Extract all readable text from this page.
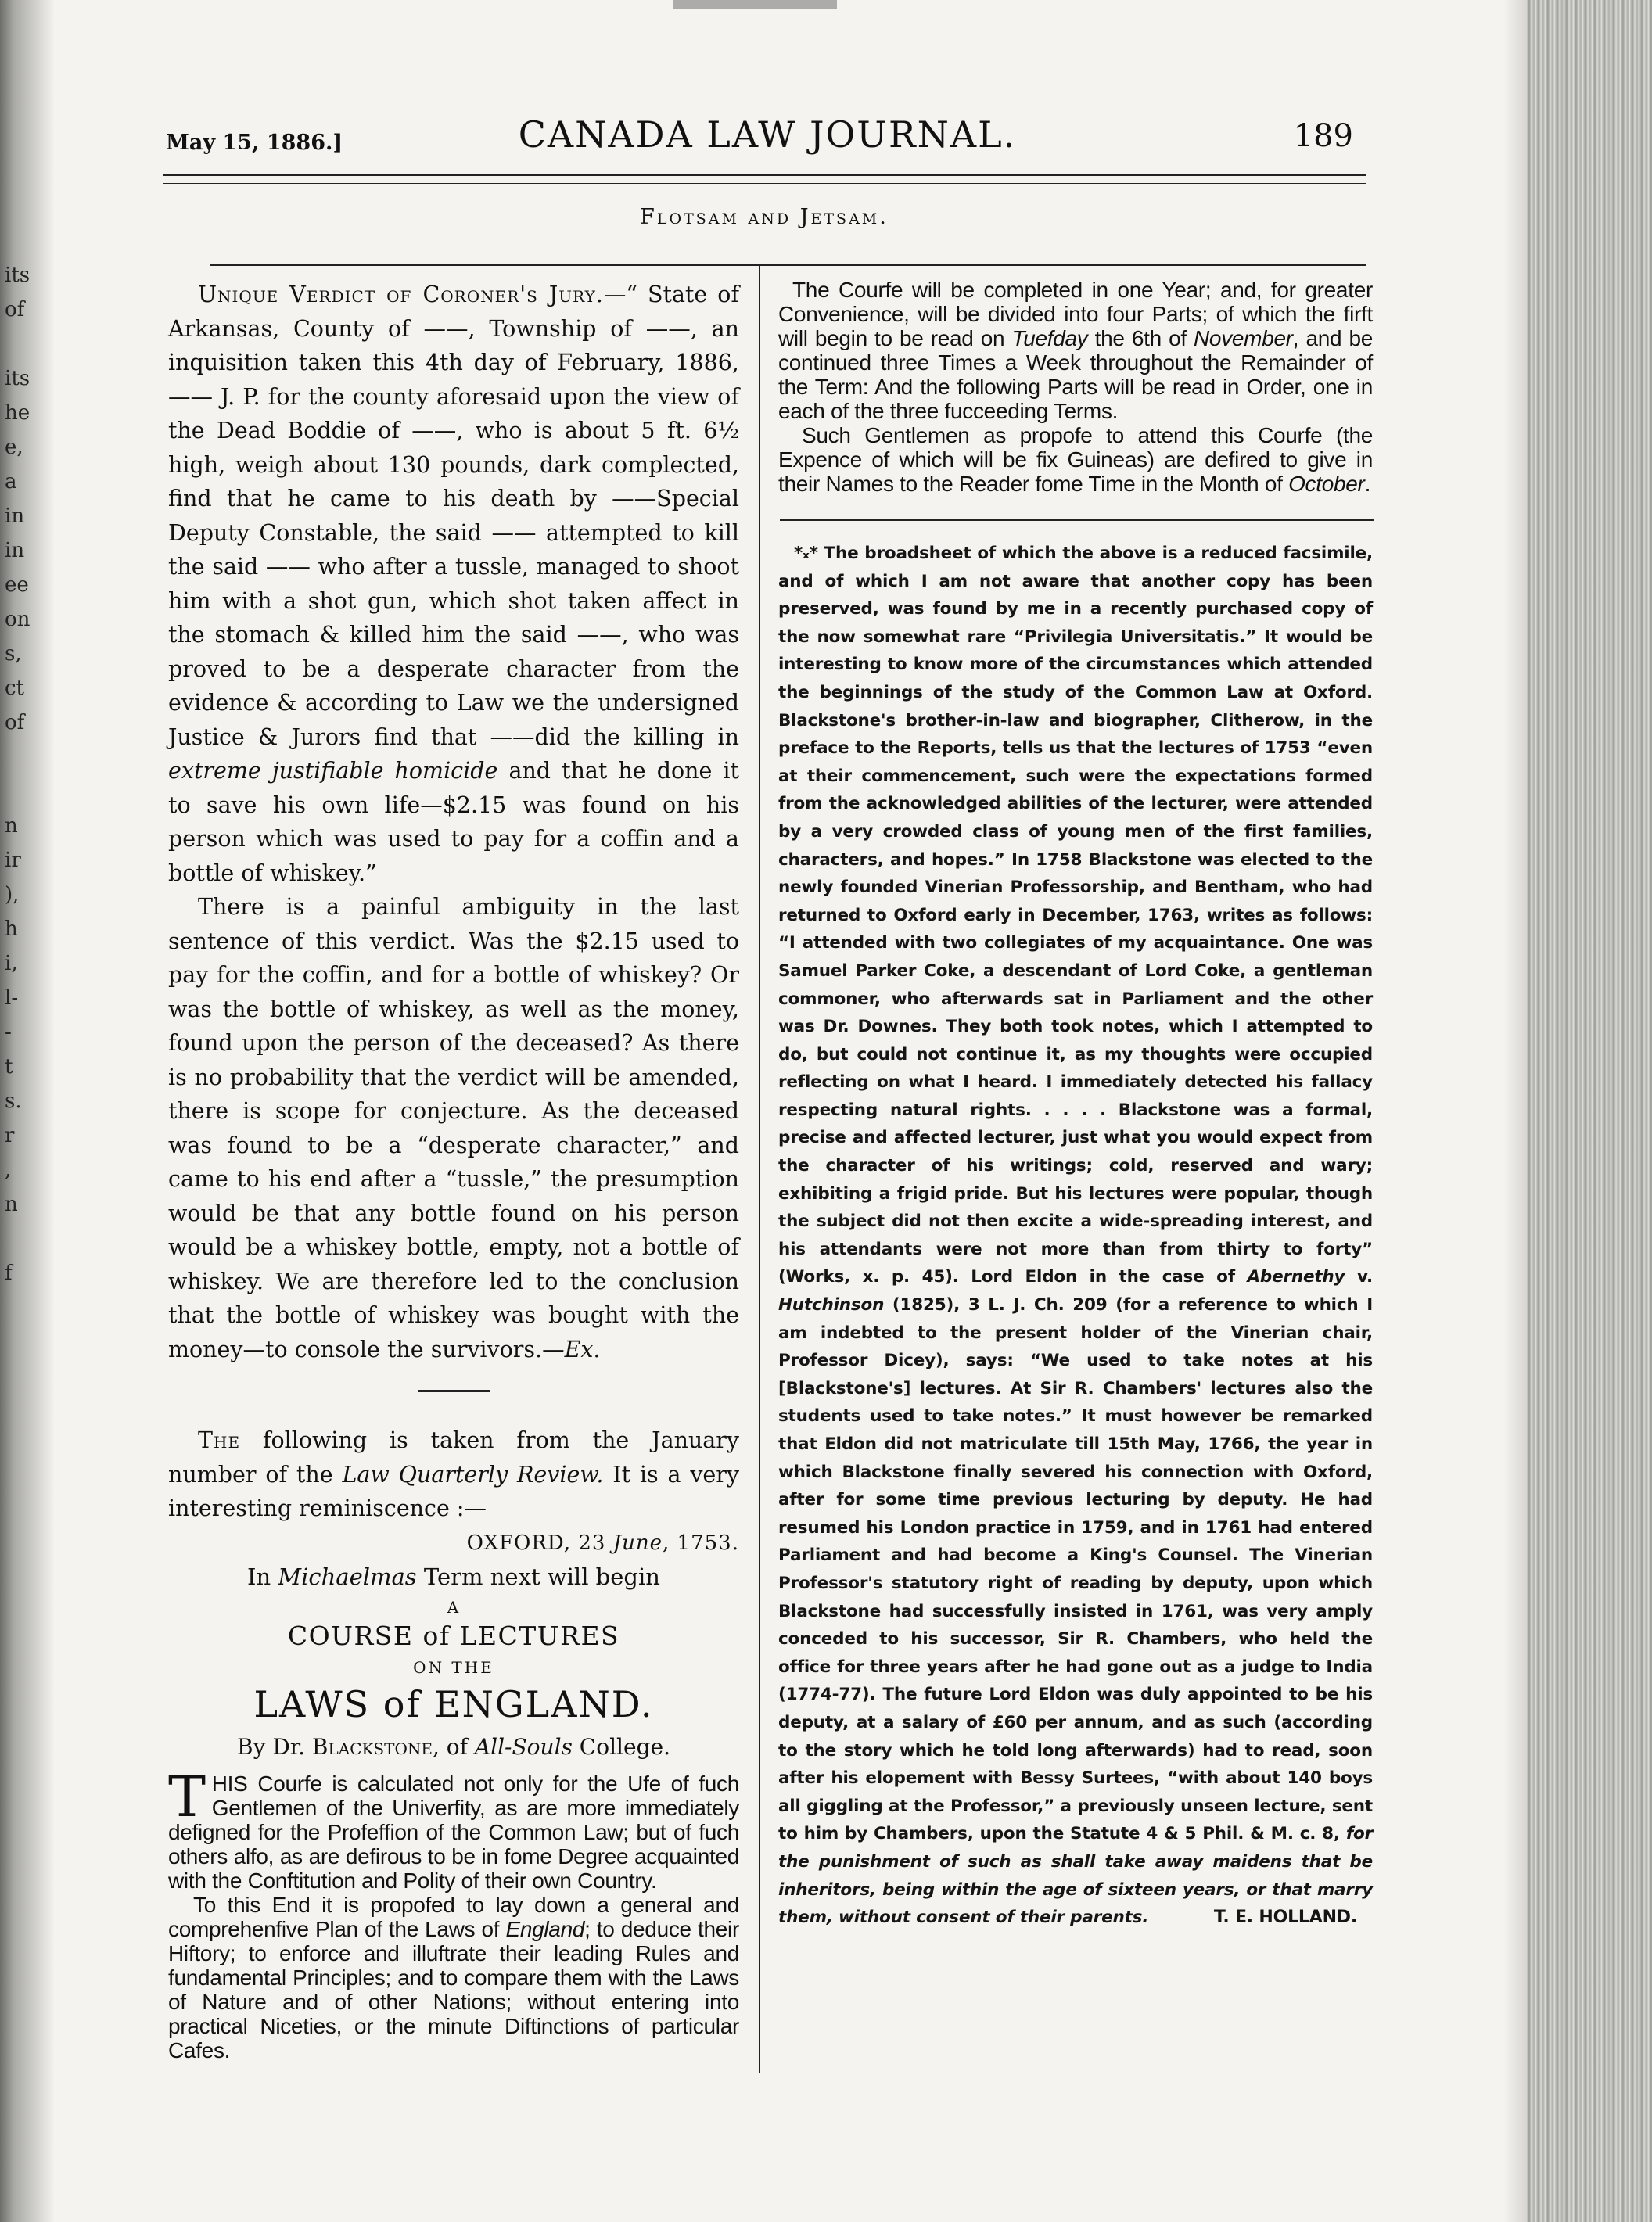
its
of

its
he
e,
a
in
in
ee
on
s,
ct
of

n
ir
),
h
i,
l-
-
t
s.
r
,
n

f
May 15, 1886.]	CANADA LAW JOURNAL.	189
Flotsam and Jetsam.

Unique Verdict of Coroner's Jury.—“ State of Arkansas, County of ——, Township of ——, an inquisition taken this 4th day of February, 1886, —— J. P. for the county aforesaid upon the view of the Dead Boddie of ——, who is about 5 ft. 6½ high, weigh about 130 pounds, dark complected, find that he came to his death by ——Special Deputy Constable, the said —— attempted to kill the said —— who after a tussle, managed to shoot him with a shot gun, which shot taken affect in the stomach & killed him the said ——, who was proved to be a desperate character from the evidence & according to Law we the undersigned Justice & Jurors find that ——did the killing in extreme justifiable homicide and that he done it to save his own life—$2.15 was found on his person which was used to pay for a coffin and a bottle of whiskey.”

There is a painful ambiguity in the last sentence of this verdict. Was the $2.15 used to pay for the coffin, and for a bottle of whiskey? Or was the bottle of whiskey, as well as the money, found upon the person of the deceased? As there is no probability that the verdict will be amended, there is scope for conjecture. As the deceased was found to be a “desperate character,” and came to his end after a “tussle,” the presumption would be that any bottle found on his person would be a whiskey bottle, empty, not a bottle of whiskey. We are therefore led to the conclusion that the bottle of whiskey was bought with the money—to console the survivors.—Ex.

The following is taken from the January number of the Law Quarterly Review. It is a very interesting reminiscence :—

OXFORD, 23 June, 1753.

In Michaelmas Term next will begin

A

COURSE of LECTURES

ON THE

LAWS of ENGLAND.

By Dr. Blackstone, of All-Souls College.

THIS Courfe is calculated not only for the Ufe of fuch Gentlemen of the Univerfity, as are more immediately defigned for the Profeffion of the Common Law; but of fuch others alfo, as are defirous to be in fome Degree acquainted with the Conftitution and Polity of their own Country.

To this End it is propofed to lay down a general and comprehenfive Plan of the Laws of England; to deduce their Hiftory; to enforce and illuftrate their leading Rules and fundamental Principles; and to compare them with the Laws of Nature and of other Nations; without entering into practical Niceties, or the minute Diftinctions of particular Cafes.

The Courfe will be completed in one Year; and, for greater Convenience, will be divided into four Parts; of which the firft will begin to be read on Tuefday the 6th of November, and be continued three Times a Week throughout the Remainder of the Term: And the following Parts will be read in Order, one in each of the three fucceeding Terms.

Such Gentlemen as propofe to attend this Courfe (the Expence of which will be fix Guineas) are defired to give in their Names to the Reader fome Time in the Month of October.

*ₓ* The broadsheet of which the above is a reduced facsimile, and of which I am not aware that another copy has been preserved, was found by me in a recently purchased copy of the now somewhat rare “Privilegia Universitatis.” It would be interesting to know more of the circumstances which attended the beginnings of the study of the Common Law at Oxford. Blackstone's brother-in-law and biographer, Clitherow, in the preface to the Reports, tells us that the lectures of 1753 “even at their commencement, such were the expectations formed from the acknowledged abilities of the lecturer, were attended by a very crowded class of young men of the first families, characters, and hopes.” In 1758 Blackstone was elected to the newly founded Vinerian Professorship, and Bentham, who had returned to Oxford early in December, 1763, writes as follows: “I attended with two collegiates of my acquaintance. One was Samuel Parker Coke, a descendant of Lord Coke, a gentleman commoner, who afterwards sat in Parliament and the other was Dr. Downes. They both took notes, which I attempted to do, but could not continue it, as my thoughts were occupied reflecting on what I heard. I immediately detected his fallacy respecting natural rights. . . . . Blackstone was a formal, precise and affected lecturer, just what you would expect from the character of his writings; cold, reserved and wary; exhibiting a frigid pride. But his lectures were popular, though the subject did not then excite a wide-spreading interest, and his attendants were not more than from thirty to forty” (Works, x. p. 45). Lord Eldon in the case of Abernethy v. Hutchinson (1825), 3 L. J. Ch. 209 (for a reference to which I am indebted to the present holder of the Vinerian chair, Professor Dicey), says: “We used to take notes at his [Blackstone's] lectures. At Sir R. Chambers' lectures also the students used to take notes.” It must however be remarked that Eldon did not matriculate till 15th May, 1766, the year in which Blackstone finally severed his connection with Oxford, after for some time previous lecturing by deputy. He had resumed his London practice in 1759, and in 1761 had entered Parliament and had become a King's Counsel. The Vinerian Professor's statutory right of reading by deputy, upon which Blackstone had successfully insisted in 1761, was very amply conceded to his successor, Sir R. Chambers, who held the office for three years after he had gone out as a judge to India (1774-77). The future Lord Eldon was duly appointed to be his deputy, at a salary of £60 per annum, and as such (according to the story which he told long afterwards) had to read, soon after his elopement with Bessy Surtees, “with about 140 boys all giggling at the Professor,” a previously unseen lecture, sent to him by Chambers, upon the Statute 4 & 5 Phil. & M. c. 8, for the punishment of such as shall take away maidens that be inheritors, being within the age of sixteen years, or that marry them, without consent of their parents.	T. E. HOLLAND.
